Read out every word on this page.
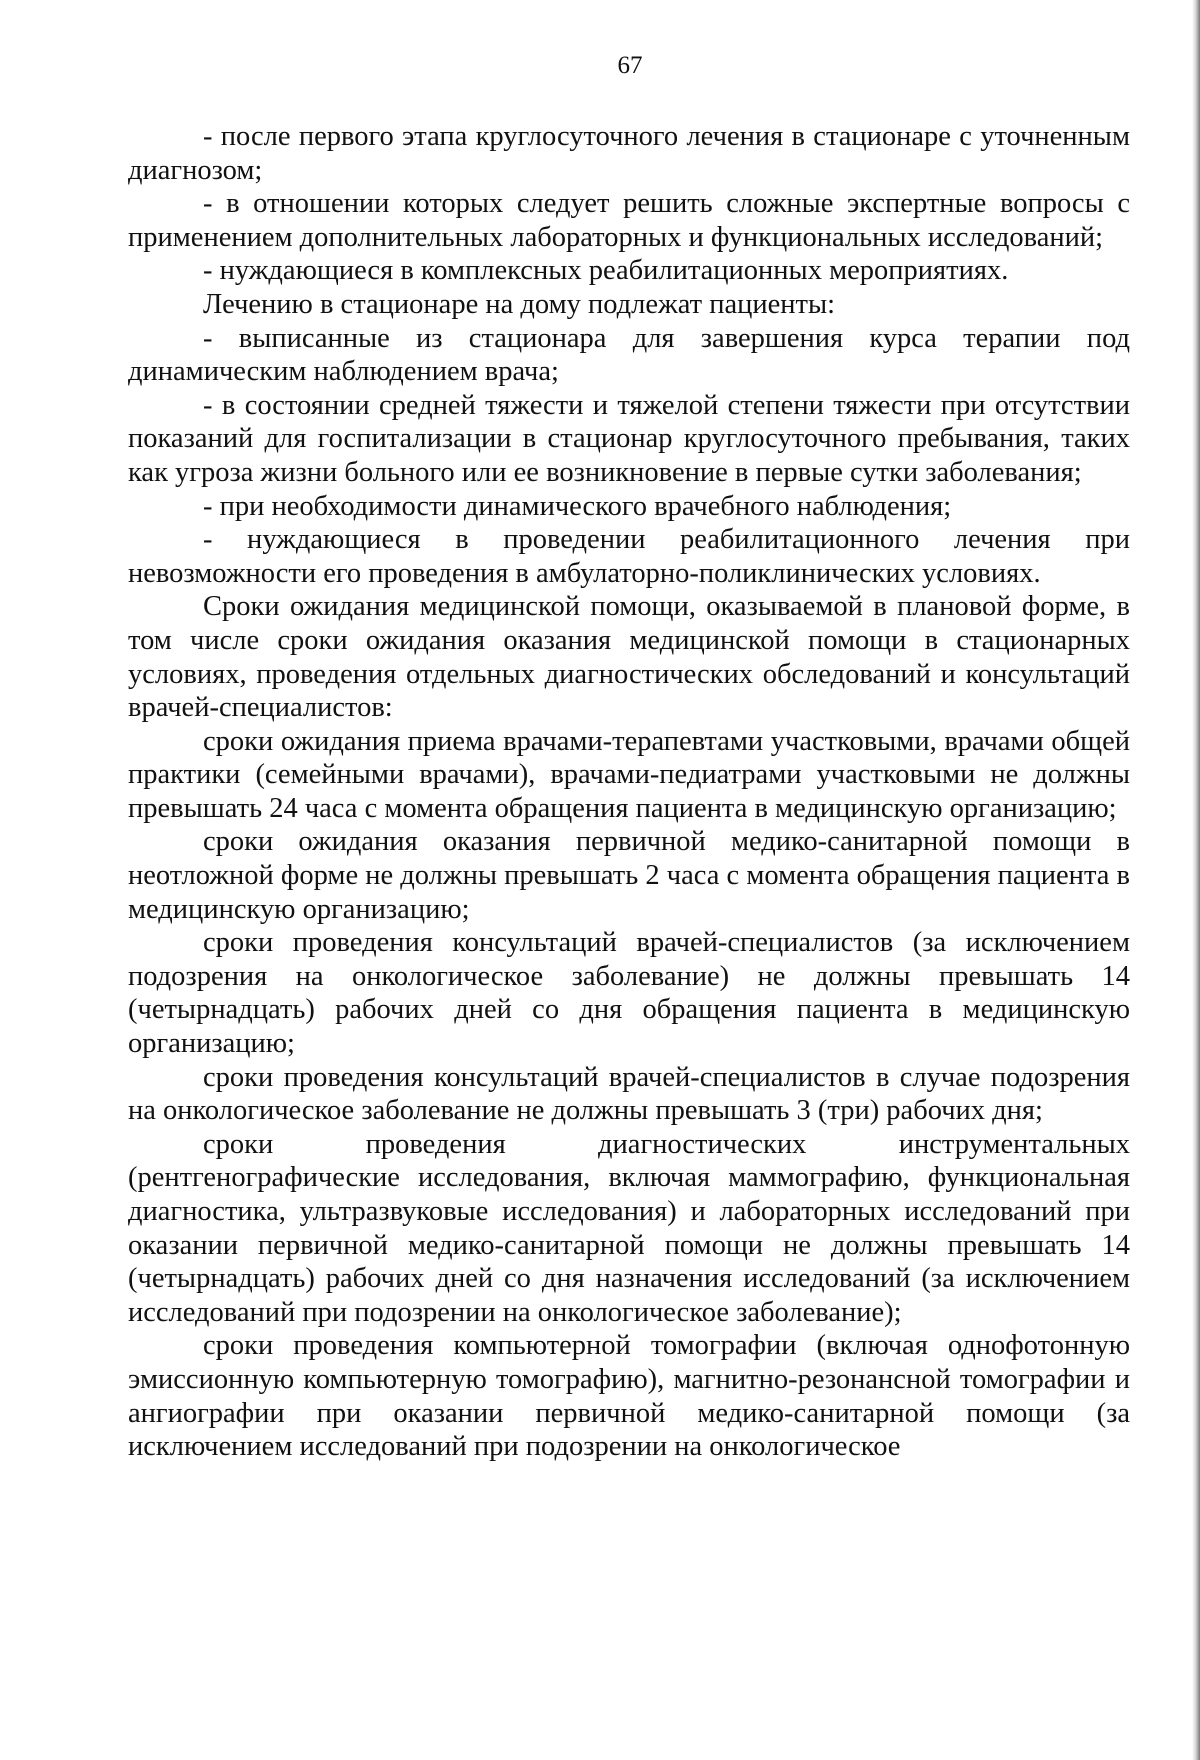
67

- после первого этапа круглосуточного лечения в стационаре с уточненным диагнозом;

- в отношении которых следует решить сложные экспертные вопросы с применением дополнительных лабораторных и функциональных исследований;

- нуждающиеся в комплексных реабилитационных мероприятиях.

Лечению в стационаре на дому подлежат пациенты:

- выписанные из стационара для завершения курса терапии под динамическим наблюдением врача;

- в состоянии средней тяжести и тяжелой степени тяжести при отсутствии показаний для госпитализации в стационар круглосуточного пребывания, таких как угроза жизни больного или ее возникновение в первые сутки заболевания;

- при необходимости динамического врачебного наблюдения;

- нуждающиеся в проведении реабилитационного лечения при невозможности его проведения в амбулаторно-поликлинических условиях.

Сроки ожидания медицинской помощи, оказываемой в плановой форме, в том числе сроки ожидания оказания медицинской помощи в стационарных условиях, проведения отдельных диагностических обследований и консультаций врачей-специалистов:

сроки ожидания приема врачами-терапевтами участковыми, врачами общей практики (семейными врачами), врачами-педиатрами участковыми не должны превышать 24 часа с момента обращения пациента в медицинскую организацию;

сроки ожидания оказания первичной медико-санитарной помощи в неотложной форме не должны превышать 2 часа с момента обращения пациента в медицинскую организацию;

сроки проведения консультаций врачей-специалистов (за исключением подозрения на онкологическое заболевание) не должны превышать 14 (четырнадцать) рабочих дней со дня обращения пациента в медицинскую организацию;

сроки проведения консультаций врачей-специалистов в случае подозрения на онкологическое заболевание не должны превышать 3 (три) рабочих дня;

сроки проведения диагностических инструментальных (рентгенографические исследования, включая маммографию, функциональная диагностика, ультразвуковые исследования) и лабораторных исследований при оказании первичной медико-санитарной помощи не должны превышать 14 (четырнадцать) рабочих дней со дня назначения исследований (за исключением исследований при подозрении на онкологическое заболевание);

сроки проведения компьютерной томографии (включая однофотонную эмиссионную компьютерную томографию), магнитно-резонансной томографии и ангиографии при оказании первичной медико-санитарной помощи (за исключением исследований при подозрении на онкологическое
